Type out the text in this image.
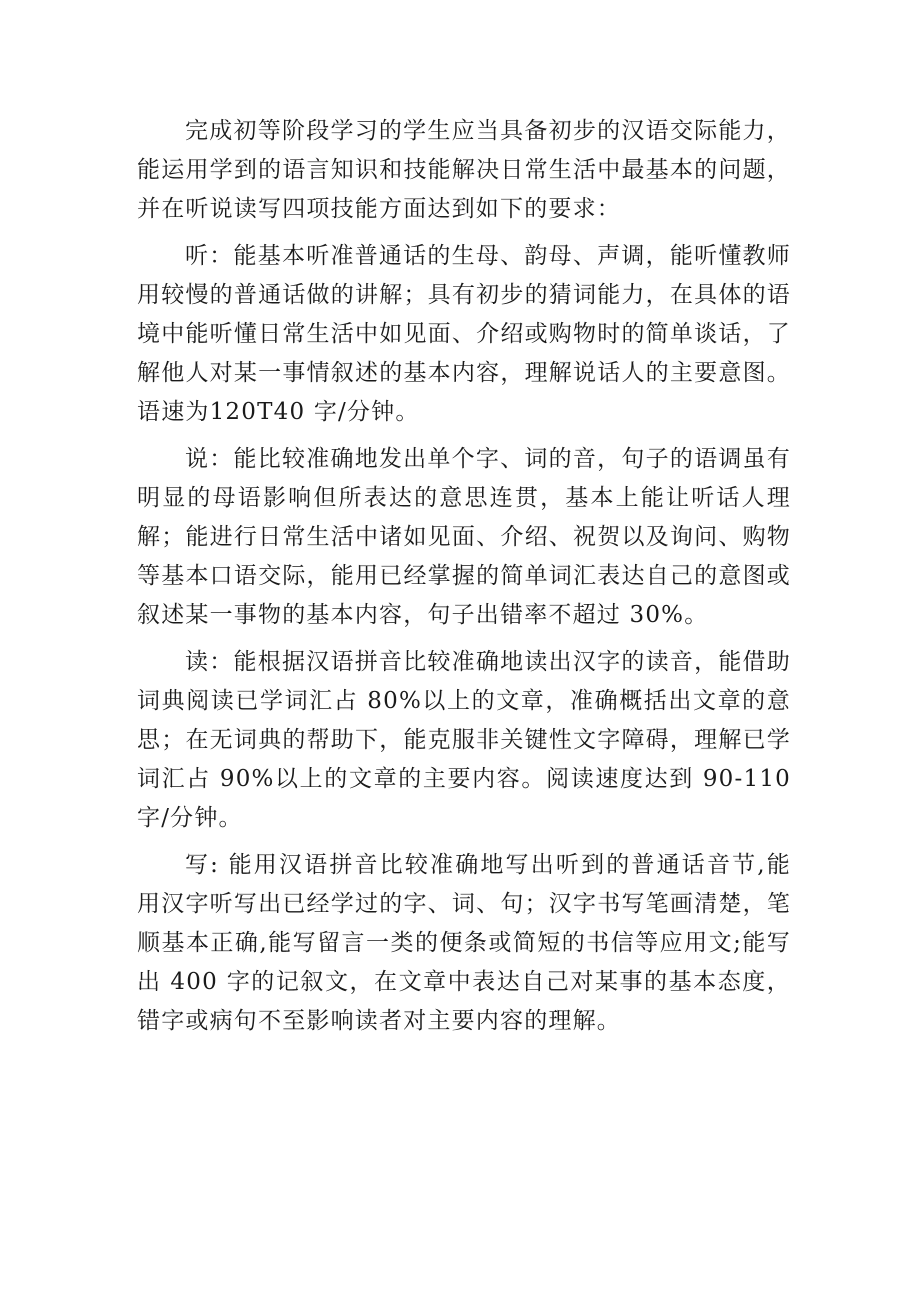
完成初等阶段学习的学生应当具备初步的汉语交际能力，能运用学到的语言知识和技能解决日常生活中最基本的问题，并在听说读写四项技能方面达到如下的要求：

听：能基本听准普通话的生母、韵母、声调，能听懂教师用较慢的普通话做的讲解；具有初步的猜词能力，在具体的语境中能听懂日常生活中如见面、介绍或购物时的简单谈话，了解他人对某一事情叙述的基本内容，理解说话人的主要意图。语速为120T40 字/分钟。

说：能比较准确地发出单个字、词的音，句子的语调虽有明显的母语影响但所表达的意思连贯，基本上能让听话人理解；能进行日常生活中诸如见面、介绍、祝贺以及询问、购物等基本口语交际，能用已经掌握的简单词汇表达自己的意图或叙述某一事物的基本内容，句子出错率不超过 30%。

读：能根据汉语拼音比较准确地读出汉字的读音，能借助词典阅读已学词汇占 80%以上的文章，准确概括出文章的意思；在无词典的帮助下，能克服非关键性文字障碍，理解已学词汇占 90%以上的文章的主要内容。阅读速度达到 90-110 字/分钟。

写: 能用汉语拼音比较准确地写出听到的普通话音节,能用汉字听写出已经学过的字、词、句；汉字书写笔画清楚，笔顺基本正确,能写留言一类的便条或简短的书信等应用文;能写出 400 字的记叙文，在文章中表达自己对某事的基本态度，错字或病句不至影响读者对主要内容的理解。
